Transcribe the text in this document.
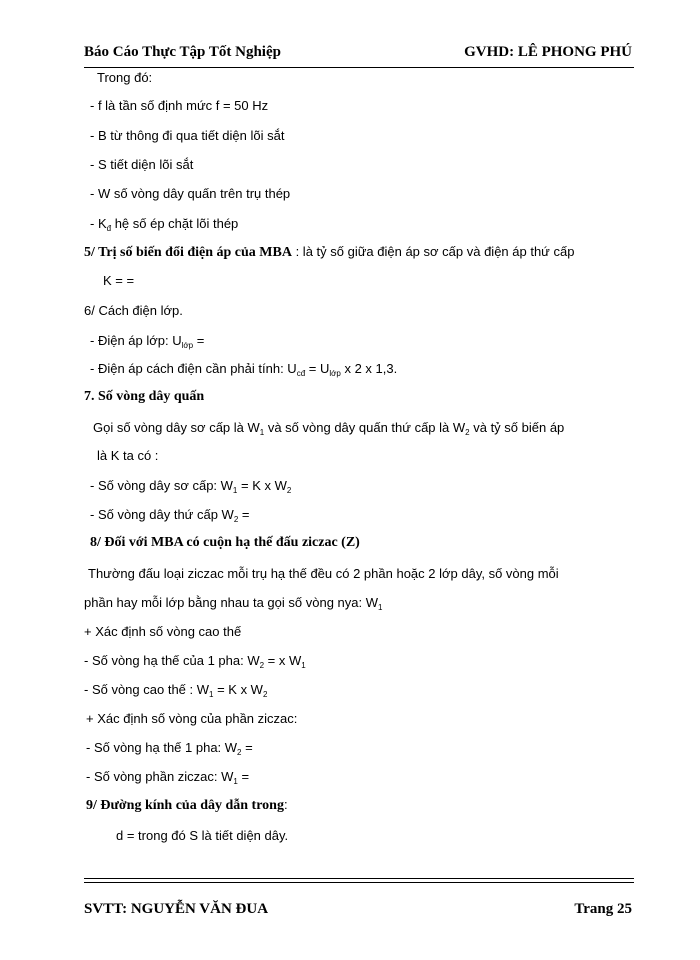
Báo Cáo Thực Tập Tốt Nghiệp	GVHD: LÊ PHONG PHÚ
Trong đó:
- f là tần số định mức f = 50 Hz
- B từ thông đi qua tiết diện lõi sắt
- S tiết diện lõi sắt
- W số vòng dây quấn trên trụ thép
- $K_đ$ hệ số ép chặt lõi thép
5/ Trị số biến đổi điện áp của MBA : là tỷ số giữa điện áp sơ cấp và điện áp thứ cấp
K = =
6/ Cách điện lớp.
- Điện áp lớp: $U_{lớp}$ =
- Điện áp cách điện cần phải tính: $U_{cđ} = U_{lớp}$ x 2 x 1,3.
7. Số vòng dây quấn
Gọi số vòng dây sơ cấp là $W_1$ và số vòng dây quấn thứ cấp là $W_2$ và tỷ số biến áp
là K ta có :
- Số vòng dây sơ cấp: $W_1 = K$ x $W_2$
- Số vòng dây thứ cấp $W_2$ =
8/ Đối với MBA có cuộn hạ thế đấu ziczac (Z)
Thường đấu loại ziczac mỗi trụ hạ thế đều có 2 phần hoặc 2 lớp dây, số vòng mỗi
phần hay mỗi lớp bằng nhau ta gọi số vòng nya: $W_1$
+ Xác định số vòng cao thế
- Số vòng hạ thế của 1 pha: $W_2 = x$ $W_1$
- Số vòng cao thế : $W_1 = K$ x $W_2$
+ Xác định số vòng của phần ziczac:
- Số vòng hạ thế 1 pha: $W_2$ =
- Số vòng phần ziczac: $W_1$ =
9/ Đường kính của dây dẫn trong:
d = trong đó S là tiết diện dây.
SVTT: NGUYỄN VĂN ĐUA	Trang 25
